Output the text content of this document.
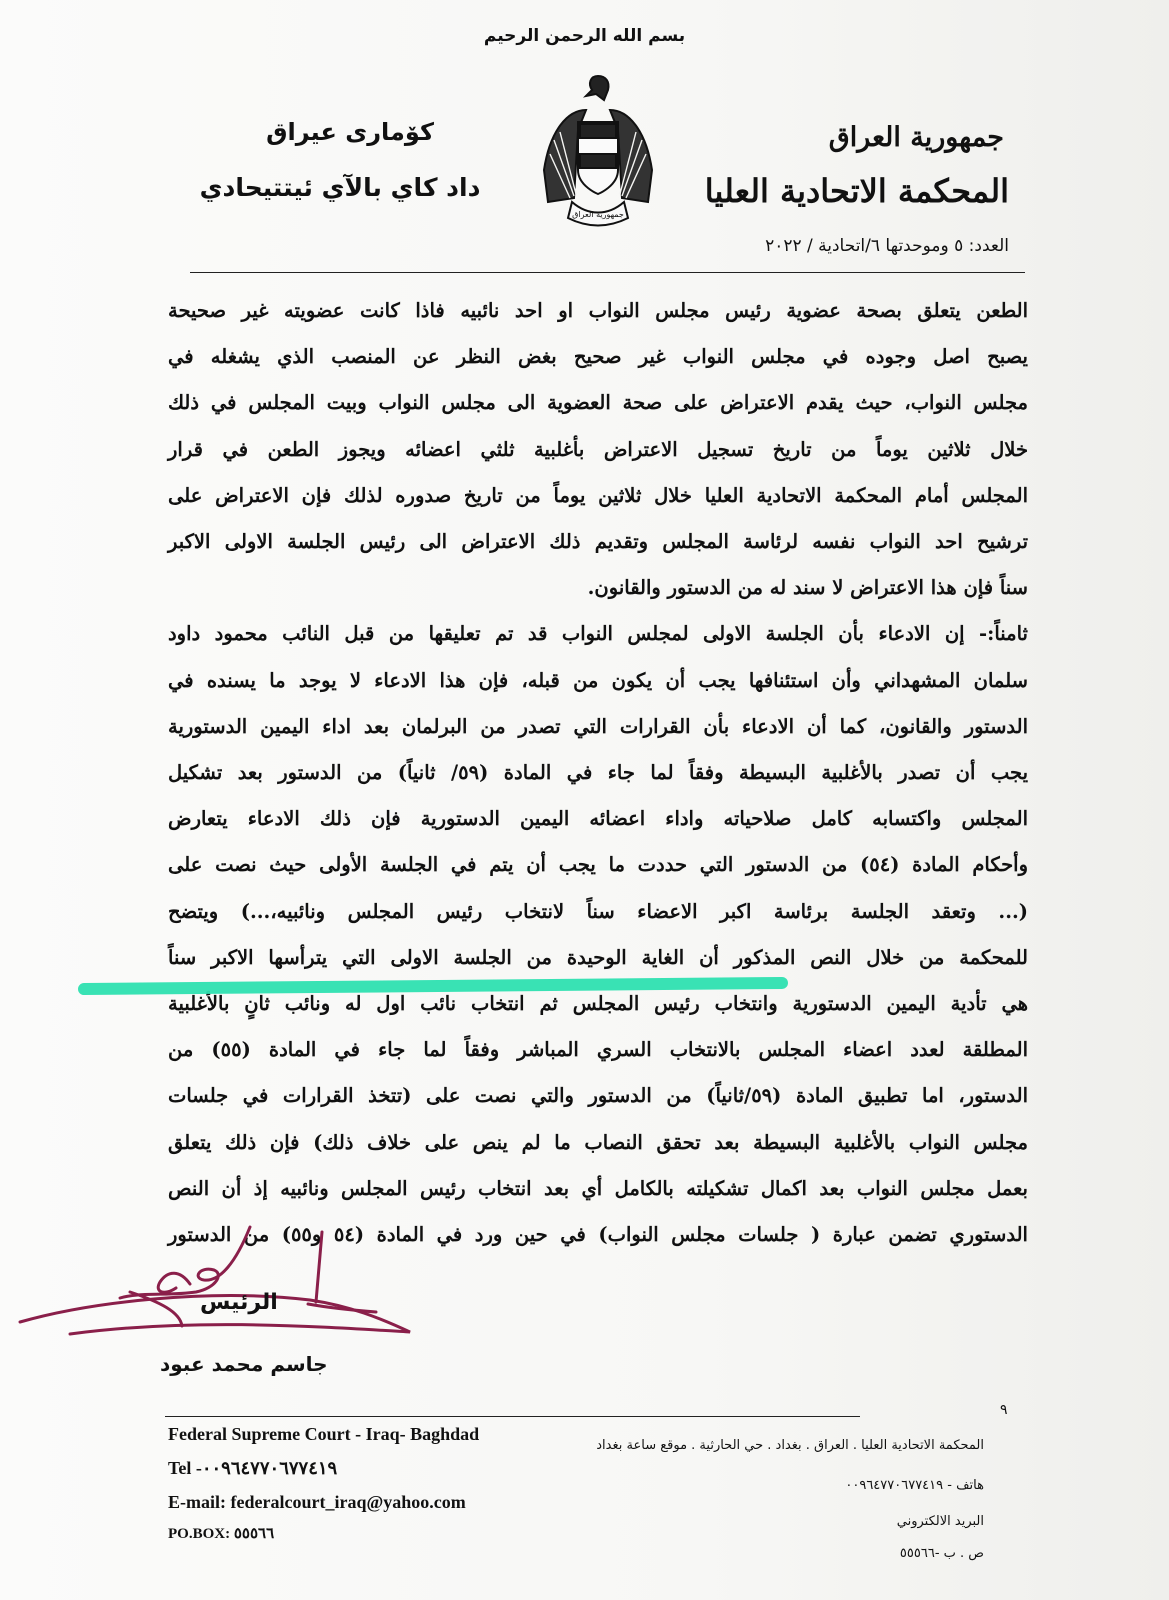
بسم الله الرحمن الرحيم
جمهورية العراق
المحكمة الاتحادية العليا
كوٚماری عیراق
داد كاي بالآي ئيتتيحادي
جمهورية العراق
العدد: ٥ وموحدتها ٦/اتحادية / ٢٠٢٢
الطعن يتعلق بصحة عضوية رئيس مجلس النواب او احد نائبيه فاذا كانت عضويته غير صحيحة
يصبح اصل وجوده في مجلس النواب غير صحيح بغض النظر عن المنصب الذي يشغله في
مجلس النواب، حيث يقدم الاعتراض على صحة العضوية الى مجلس النواب وبيت المجلس في ذلك
خلال ثلاثين يوماً من تاريخ تسجيل الاعتراض بأغلبية ثلثي اعضائه ويجوز الطعن في قرار
المجلس أمام المحكمة الاتحادية العليا خلال ثلاثين يوماً من تاريخ صدوره لذلك فإن الاعتراض على
ترشيح احد النواب نفسه لرئاسة المجلس وتقديم ذلك الاعتراض الى رئيس الجلسة الاولى الاكبر
سناً فإن هذا الاعتراض لا سند له من الدستور والقانون.
ثامناً:- إن الادعاء بأن الجلسة الاولى لمجلس النواب قد تم تعليقها من قبل النائب محمود داود
سلمان المشهداني وأن استئنافها يجب أن يكون من قبله، فإن هذا الادعاء لا يوجد ما يسنده في
الدستور والقانون، كما أن الادعاء بأن القرارات التي تصدر من البرلمان بعد اداء اليمين الدستورية
يجب أن تصدر بالأغلبية البسيطة وفقاً لما جاء في المادة (٥٩/ ثانياً) من الدستور بعد تشكيل
المجلس واكتسابه كامل صلاحياته واداء اعضائه اليمين الدستورية فإن ذلك الادعاء يتعارض
وأحكام المادة (٥٤) من الدستور التي حددت ما يجب أن يتم في الجلسة الأولى حيث نصت على
(... وتعقد الجلسة برئاسة اكبر الاعضاء سناً لانتخاب رئيس المجلس ونائبيه،...) ويتضح
للمحكمة من خلال النص المذكور أن الغاية الوحيدة من الجلسة الاولى التي يترأسها الاكبر سناً
هي تأدية اليمين الدستورية وانتخاب رئيس المجلس ثم انتخاب نائب اول له ونائب ثانٍ بالأغلبية
المطلقة لعدد اعضاء المجلس بالانتخاب السري المباشر وفقاً لما جاء في المادة (٥٥) من
الدستور، اما تطبيق المادة (٥٩/ثانياً) من الدستور والتي نصت على (تتخذ القرارات في جلسات
مجلس النواب بالأغلبية البسيطة بعد تحقق النصاب ما لم ينص على خلاف ذلك) فإن ذلك يتعلق
بعمل مجلس النواب بعد اكمال تشكيلته بالكامل أي بعد انتخاب رئيس المجلس ونائبيه إذ أن النص
الدستوري تضمن عبارة ( جلسات مجلس النواب) في حين ورد في المادة (٥٤ و٥٥) من الدستور
الرئيس
جاسم محمد عبود
٩
Federal Supreme Court - Iraq- Baghdad
Tel -٠٠٩٦٤٧٧٠٦٧٧٤١٩
E-mail: federalcourt_iraq@yahoo.com
PO.BOX: ٥٥٥٦٦
المحكمة الاتحادية العليا . العراق . بغداد . حي الحارثية . موقع ساعة بغداد
هاتف - ٠٠٩٦٤٧٧٠٦٧٧٤١٩
البريد الالكتروني
ص . ب -٥٥٥٦٦
